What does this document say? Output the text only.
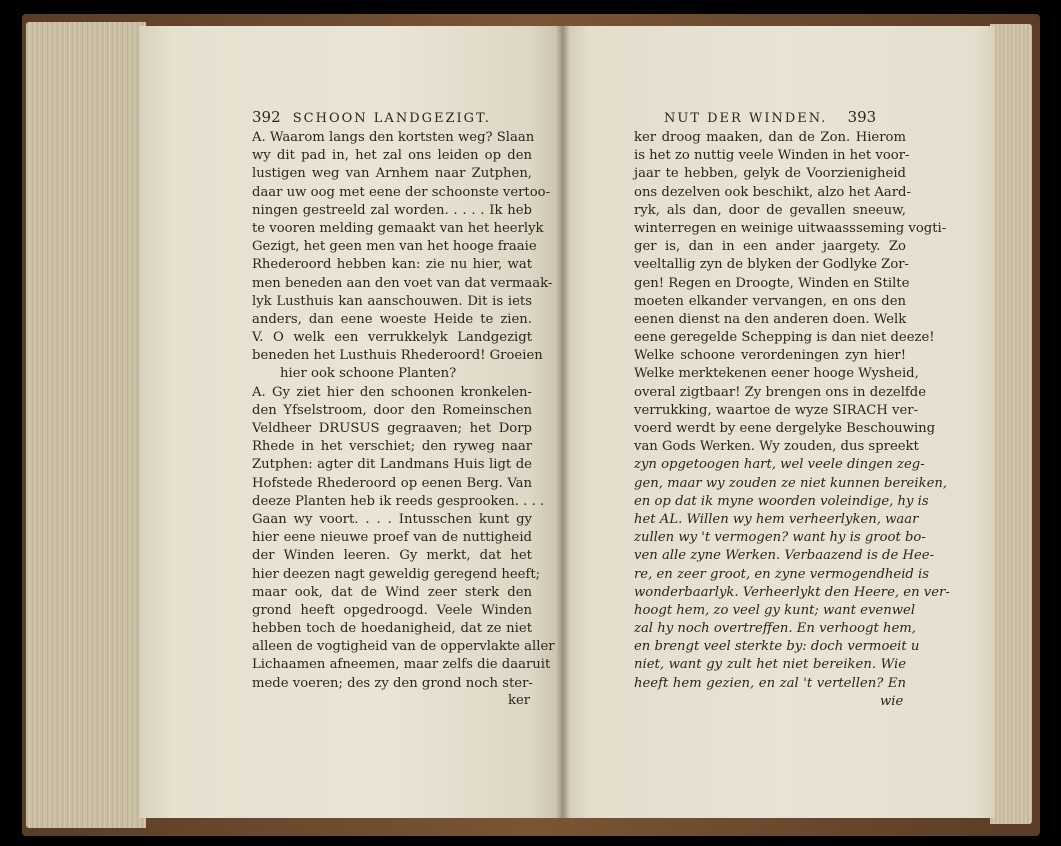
392 SCHOON LANDGEZIGT.	NUT DER WINDEN. 393
A. Waarom langs den kortsten weg? Slaan
wy dit pad in, het zal ons leiden op den
lustigen weg van Arnhem naar Zutphen,
daar uw oog met eene der schoonste vertoo-
ningen gestreeld zal worden. . . . . Ik heb
te vooren melding gemaakt van het heerlyk
Gezigt, het geen men van het hooge fraaie
Rhederoord hebben kan: zie nu hier, wat
men beneden aan den voet van dat vermaak-
lyk Lusthuis kan aanschouwen. Dit is iets
anders, dan eene woeste Heide te zien.
V. O welk een verrukkelyk Landgezigt
beneden het Lusthuis Rhederoord! Groeien
hier ook schoone Planten?
A. Gy ziet hier den schoonen kronkelen-
den Yfselstroom, door den Romeinschen
Veldheer DRUSUS gegraaven; het Dorp
Rhede in het verschiet; den ryweg naar
Zutphen: agter dit Landmans Huis ligt de
Hofstede Rhederoord op eenen Berg. Van
deeze Planten heb ik reeds gesprooken. . . .
Gaan wy voort. . . . Intusschen kunt gy
hier eene nieuwe proef van de nuttigheid
der Winden leeren. Gy merkt, dat het
hier deezen nagt geweldig geregend heeft;
maar ook, dat de Wind zeer sterk den
grond heeft opgedroogd. Veele Winden
hebben toch de hoedanigheid, dat ze niet
alleen de vogtigheid van de oppervlakte aller
Lichaamen afneemen, maar zelfs die daaruit
mede voeren; des zy den grond noch ster-
ker
ker droog maaken, dan de Zon. Hierom
is het zo nuttig veele Winden in het voor-
jaar te hebben, gelyk de Voorzienigheid
ons dezelven ook beschikt, alzo het Aard-
ryk, als dan, door de gevallen sneeuw,
winterregen en weinige uitwaassseming vogti-
ger is, dan in een ander jaargety. Zo
veeltallig zyn de blyken der Godlyke Zor-
gen! Regen en Droogte, Winden en Stilte
moeten elkander vervangen, en ons den
eenen dienst na den anderen doen. Welk
eene geregelde Schepping is dan niet deeze!
Welke schoone verordeningen zyn hier!
Welke merktekenen eener hooge Wysheid,
overal zigtbaar! Zy brengen ons in dezelfde
verrukking, waartoe de wyze SIRACH ver-
voerd werdt by eene dergelyke Beschouwing
van Gods Werken. Wy zouden, dus spreekt
zyn opgetoogen hart, wel veele dingen zeg-
gen, maar wy zouden ze niet kunnen bereiken,
en op dat ik myne woorden voleindige, hy is
het AL. Willen wy hem verheerlyken, waar
zullen wy 't vermogen? want hy is groot bo-
ven alle zyne Werken. Verbaazend is de Hee-
re, en zeer groot, en zyne vermogendheid is
wonderbaarlyk. Verheerlykt den Heere, en ver-
hoogt hem, zo veel gy kunt; want evenwel
zal hy noch overtreffen. En verhoogt hem,
en brengt veel sterkte by: doch vermoeit u
niet, want gy zult het niet bereiken. Wie
heeft hem gezien, en zal 't vertellen? En
wie
